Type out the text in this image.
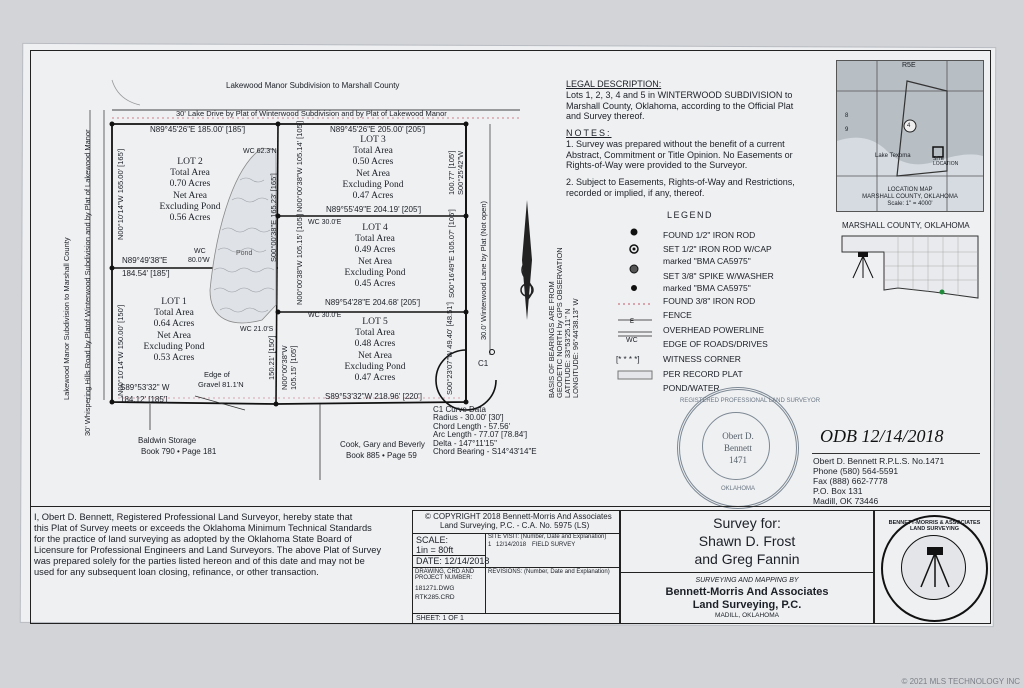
Lakewood Manor Subdivision to Marshall County
30' Lake Drive by Plat of Winterwood Subdivision and by Plat of Lakewood Manor
Lakewood Manor Subdivision to Marshall County 30' Whispering Hills Road by Platof Winterwood Subdivision and by Plat of Lakewood Manor	30.0' Winterwood Lane by Plat (Not open)
N89°45'26"E 185.00' [185']	N89°45'26"E 205.00' [205']
N00°10'14"W 165.00' [165']
N00°10'14"W 150.00' [150']
N89°49'38"E
184.54' [185']
S89°53'32" W
184.12' [185']	S89°53'32"W 218.96' [220']
N89°55'49"E 204.19' [205']
N89°54'28"E 204.68' [205']
S00°00'38"E 165.23' [165']
150.21' [150'] N00°00'38"W 105.15' [105']
N00°00'38"W 105.14' [105']
N00°00'38"W 105.15' [105']
100.77' [105'] S00°25'42"W
S00°16'49"E 105.07' [105']
S00°23'07"W 49.40' [48.51']
WC 62.3'N
WC 30.0'E
WC 30.0'E
WC 21.0'S
WC
80.0'W
Pond
Edge of
Gravel 81.1'N
Baldwin Storage
Book 790 • Page 181
Cook, Gary and Beverly
Book 885 • Page 59
C1
C1 Curve Data
Radius - 30.00' [30']
Chord Length - 57.56'
Arc Length - 77.07 [78.84']
Delta - 147°11'15"
Chord Bearing - S14°43'14"E
BASIS OF BEARINGS ARE FROM
GEODETIC NORTH by GPS OBSERVATION
LATITUDE: 33°53'25.11" N
LONGITUDE: 96°44'38.13" W
LOT 2
Total Area
0.70 Acres
Net Area
Excluding Pond
0.56 Acres
LOT 1
Total Area
0.64 Acres
Net Area
Excluding Pond
0.53 Acres
LOT 3
Total Area
0.50 Acres
Net Area
Excluding Pond
0.47 Acres
LOT 4
Total Area
0.49 Acres
Net Area
Excluding Pond
0.45 Acres
LOT 5
Total Area
0.48 Acres
Net Area
Excluding Pond
0.47 Acres
LEGAL DESCRIPTION:
Lots 1, 2, 3, 4 and 5 in WINTERWOOD SUBDIVISION to
Marshall County, Oklahoma, according to the Official Plat
and Survey thereof.
NOTES:
1. Survey was prepared without the benefit of a current
Abstract, Commitment or Title Opinion. No Easements or
Rights-of-Way were provided to the Surveyor.
2. Subject to Easements, Rights-of-Way and Restrictions,
recorded or implied, if any, thereof.
LEGEND
E
WC
[* * * *]
FOUND 1/2" IRON ROD
SET 1/2" IRON ROD W/CAP
marked "BMA CA5975"
SET 3/8" SPIKE W/WASHER
marked "BMA CA5975"
FOUND 3/8" IRON ROD
FENCE
OVERHEAD POWERLINE
EDGE OF ROADS/DRIVES
WITNESS CORNER
PER RECORD PLAT
POND/WATER
R5E
4
8
9
Lake Texoma	SITE LOCATION
LOCATION MAP
MARSHALL COUNTY, OKLAHOMA
Scale: 1" = 4000'
MARSHALL COUNTY, OKLAHOMA
REGISTERED PROFESSIONAL LAND SURVEYOR
Obert D.
Bennett
1471
OKLAHOMA
ODB 12/14/2018
Obert D. Bennett R.P.L.S. No.1471
Phone (580) 564-5591
Fax (888) 662-7778
P.O. Box 131
Madill, OK 73446
I, Obert D. Bennett, Registered Professional Land Surveyor, hereby state that
this Plat of Survey meets or exceeds the Oklahoma Minimum Technical Standards
for the practice of land surveying as adopted by the Oklahoma State Board of
Licensure for Professional Engineers and Land Surveyors. The above Plat of Survey
was prepared solely for the parties listed hereon and of this date and may not be
used for any subsequent loan closing, refinance, or other transaction.
© COPYRIGHT 2018 Bennett-Morris And Associates
Land Surveying, P.C. - C.A. No. 5975 (LS)
SCALE:
1in = 80ft
SITE VISIT: (Number, Date and Explanation)
1 12/14/2018 FIELD SURVEY
DATE: 12/14/2018
DRAWING, CRD AND PROJECT NUMBER:
181271.DWG
RTK285.CRD
REVISIONS: (Number, Date and Explanation)
SHEET: 1 OF 1
Survey for:
Shawn D. Frost
and Greg Fannin
SURVEYING AND MAPPING BY
Bennett-Morris And Associates
Land Surveying, P.C.
MADILL, OKLAHOMA
BENNETT-MORRIS & ASSOCIATES LAND SURVEYING
© 2021 MLS TECHNOLOGY INC
